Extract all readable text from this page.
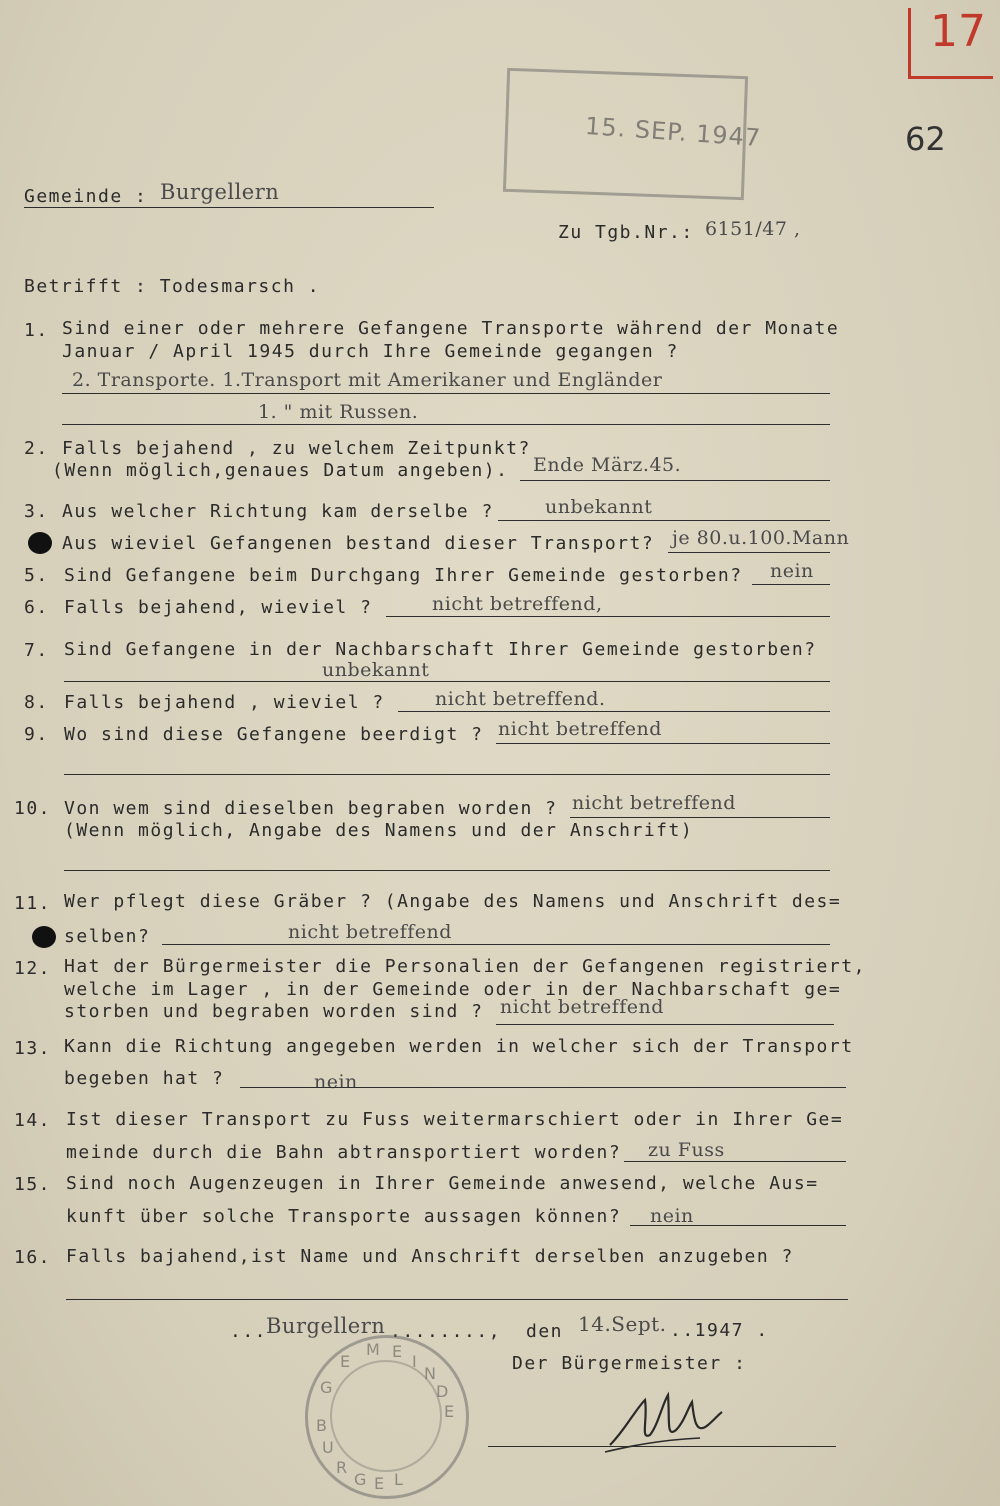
17
62
15. SEP. 1947
Gemeinde : Burgellern
Zu Tgb.Nr.: 6151/47 ,
Betrifft : Todesmarsch .
1. Sind einer oder mehrere Gefangene Transporte während der Monate
Januar / April 1945 durch Ihre Gemeinde gegangen ?
2. Transporte. 1.Transport mit Amerikaner und Engländer
1. " mit Russen.
2. Falls bejahend , zu welchem Zeitpunkt?
(Wenn möglich,genaues Datum angeben). Ende März.45.
3. Aus welcher Richtung kam derselbe ?	unbekannt
Aus wieviel Gefangenen bestand dieser Transport? je 80.u.100.Mann
5. Sind Gefangene beim Durchgang Ihrer Gemeinde gestorben? nein
6. Falls bejahend, wieviel ?	nicht betreffend,
7. Sind Gefangene in der Nachbarschaft Ihrer Gemeinde gestorben?
unbekannt
8. Falls bejahend , wieviel ?	nicht betreffend.
9. Wo sind diese Gefangene beerdigt ? nicht betreffend
10. Von wem sind dieselben begraben worden ?
(Wenn möglich, Angabe des Namens und der Anschrift)
nicht betreffend
11. Wer pflegt diese Gräber ? (Angabe des Namens und Anschrift des=
selben?	nicht betreffend
12. Hat der Bürgermeister die Personalien der Gefangenen registriert,
welche im Lager , in der Gemeinde oder in der Nachbarschaft ge=
storben und begraben worden sind ? nicht betreffend
13. Kann die Richtung angegeben werden in welcher sich der Transport
begeben hat ?	nein
14. Ist dieser Transport zu Fuss weitermarschiert oder in Ihrer Ge=
meinde durch die Bahn abtransportiert worden? zu Fuss
15. Sind noch Augenzeugen in Ihrer Gemeinde anwesend, welche Aus=
kunft über solche Transporte aussagen können? nein
16. Falls bajahend,ist Name und Anschrift derselben anzugeben ?
...
Burgellern ........, den 14.Sept. ..1947 .
Der Bürgermeister :
G
E
M E
I
N
D
E
B
U
R
G E L
